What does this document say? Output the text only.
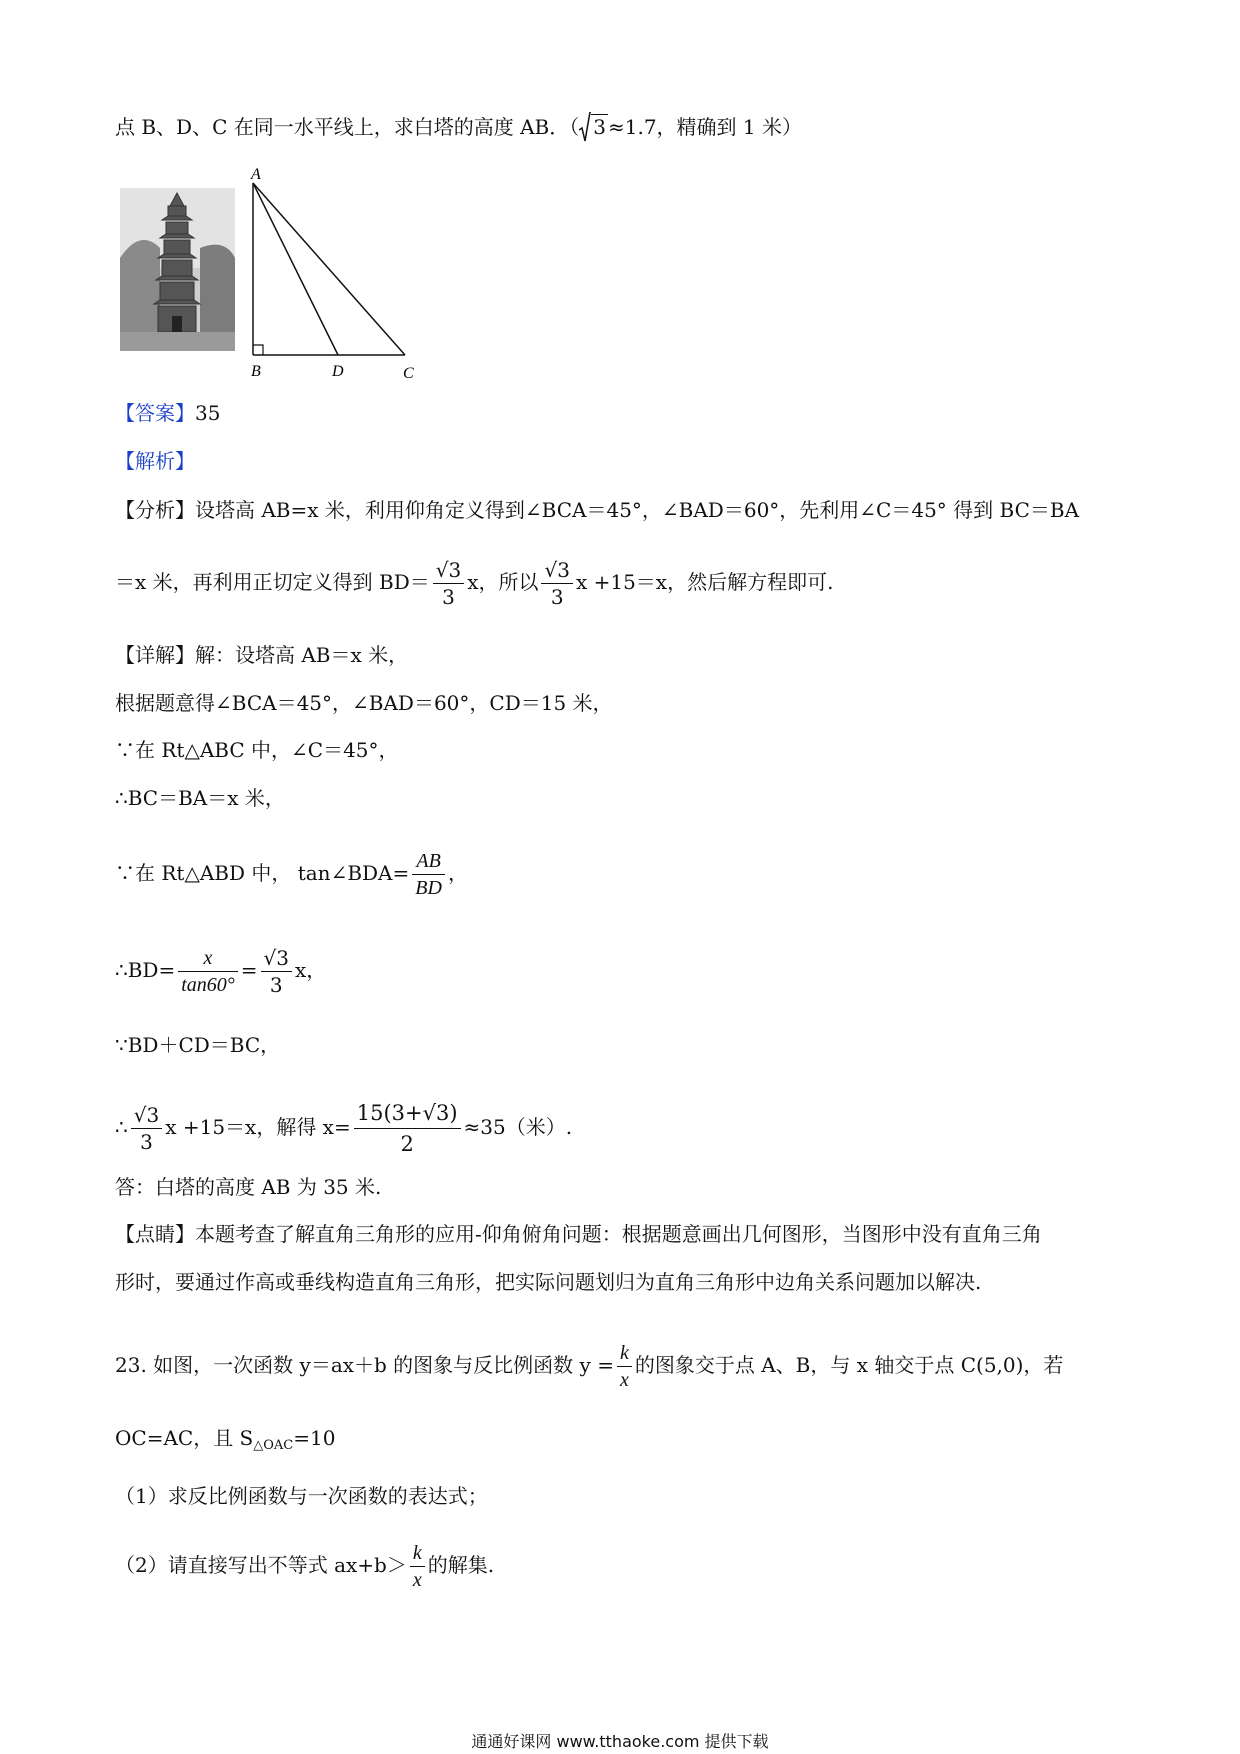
点 B、D、C 在同一水平线上，求白塔的高度 AB．（ 3 ≈1.7，精确到 1 米）
A
B	D	C
【答案】35
【解析】
【分析】设塔高 AB=x 米，利用仰角定义得到∠BCA＝45°，∠BAD＝60°，先利用∠C＝45° 得到 BC＝BA
＝x 米，再利用正切定义得到 $BD= \frac{√3}{3}$ x，所以 $\frac{√3}{3}$ x +15＝x，然后解方程即可.
【详解】解：设塔高 AB＝x 米，
根据题意得∠BCA＝45°，∠BAD＝60°，CD＝15 米，
∵在 Rt△ABC 中，∠C＝45°，
∴BC＝BA＝x 米，
∵在 Rt△ABD 中， tan∠BDA= $\frac{AB}{BD}$ ，
∴BD= $\frac{x}{\tan 60^\circ} = \frac{√3}{3}$ x，
∵BD＋CD＝BC，
∴ $\frac{√3}{3}$ x +15＝x，解得 $x= \frac{15(3+√3)}{2} \approx 35$（米）.
答：白塔的高度 AB 为 35 米.
【点睛】本题考查了解直角三角形的应用-仰角俯角问题：根据题意画出几何图形，当图形中没有直角三角
形时，要通过作高或垂线构造直角三角形，把实际问题划归为直角三角形中边角关系问题加以解决.
23. 如图，一次函数 y＝ax＋b 的图象与反比例函数 $y = \frac{k}{x}$ 的图象交于点 A、B，与 x 轴交于点 C(5,0)，若
OC=AC，且 $S_{\triangle OAC}=10$
（1）求反比例函数与一次函数的表达式；
（2）请直接写出不等式 $ax+b> \frac{k}{x}$ 的解集.
通通好课网 www.tthaoke.com 提供下载
